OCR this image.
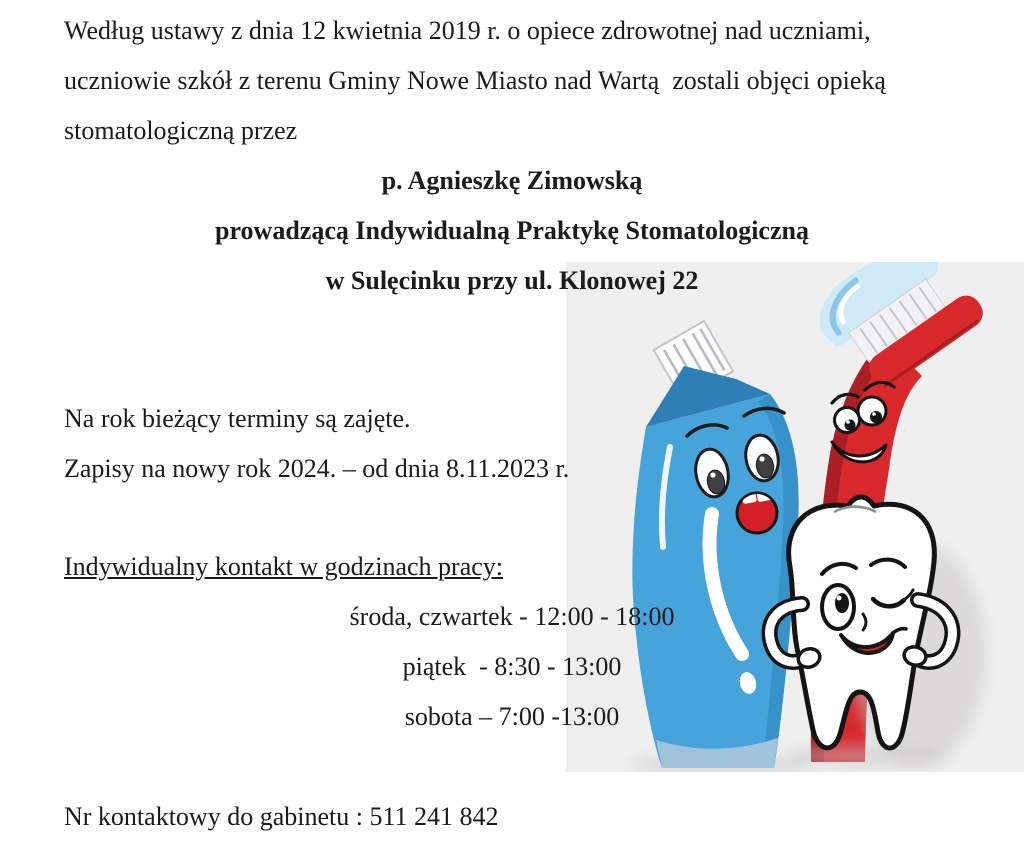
Według ustawy z dnia 12 kwietnia 2019 r. o opiece zdrowotnej nad uczniami,
uczniowie szkół z terenu Gminy Nowe Miasto nad Wartą  zostali objęci opieką
stomatologiczną przez
p. Agnieszkę Zimowską
prowadzącą Indywidualną Praktykę Stomatologiczną
w Sulęcinku przy ul. Klonowej 22
Na rok bieżący terminy są zajęte.
Zapisy na nowy rok 2024. – od dnia 8.11.2023 r.
Indywidualny kontakt w godzinach pracy:
środa, czwartek - 12:00 - 18:00
piątek  - 8:30 - 13:00
sobota – 7:00 -13:00
Nr kontaktowy do gabinetu : 511 241 842
